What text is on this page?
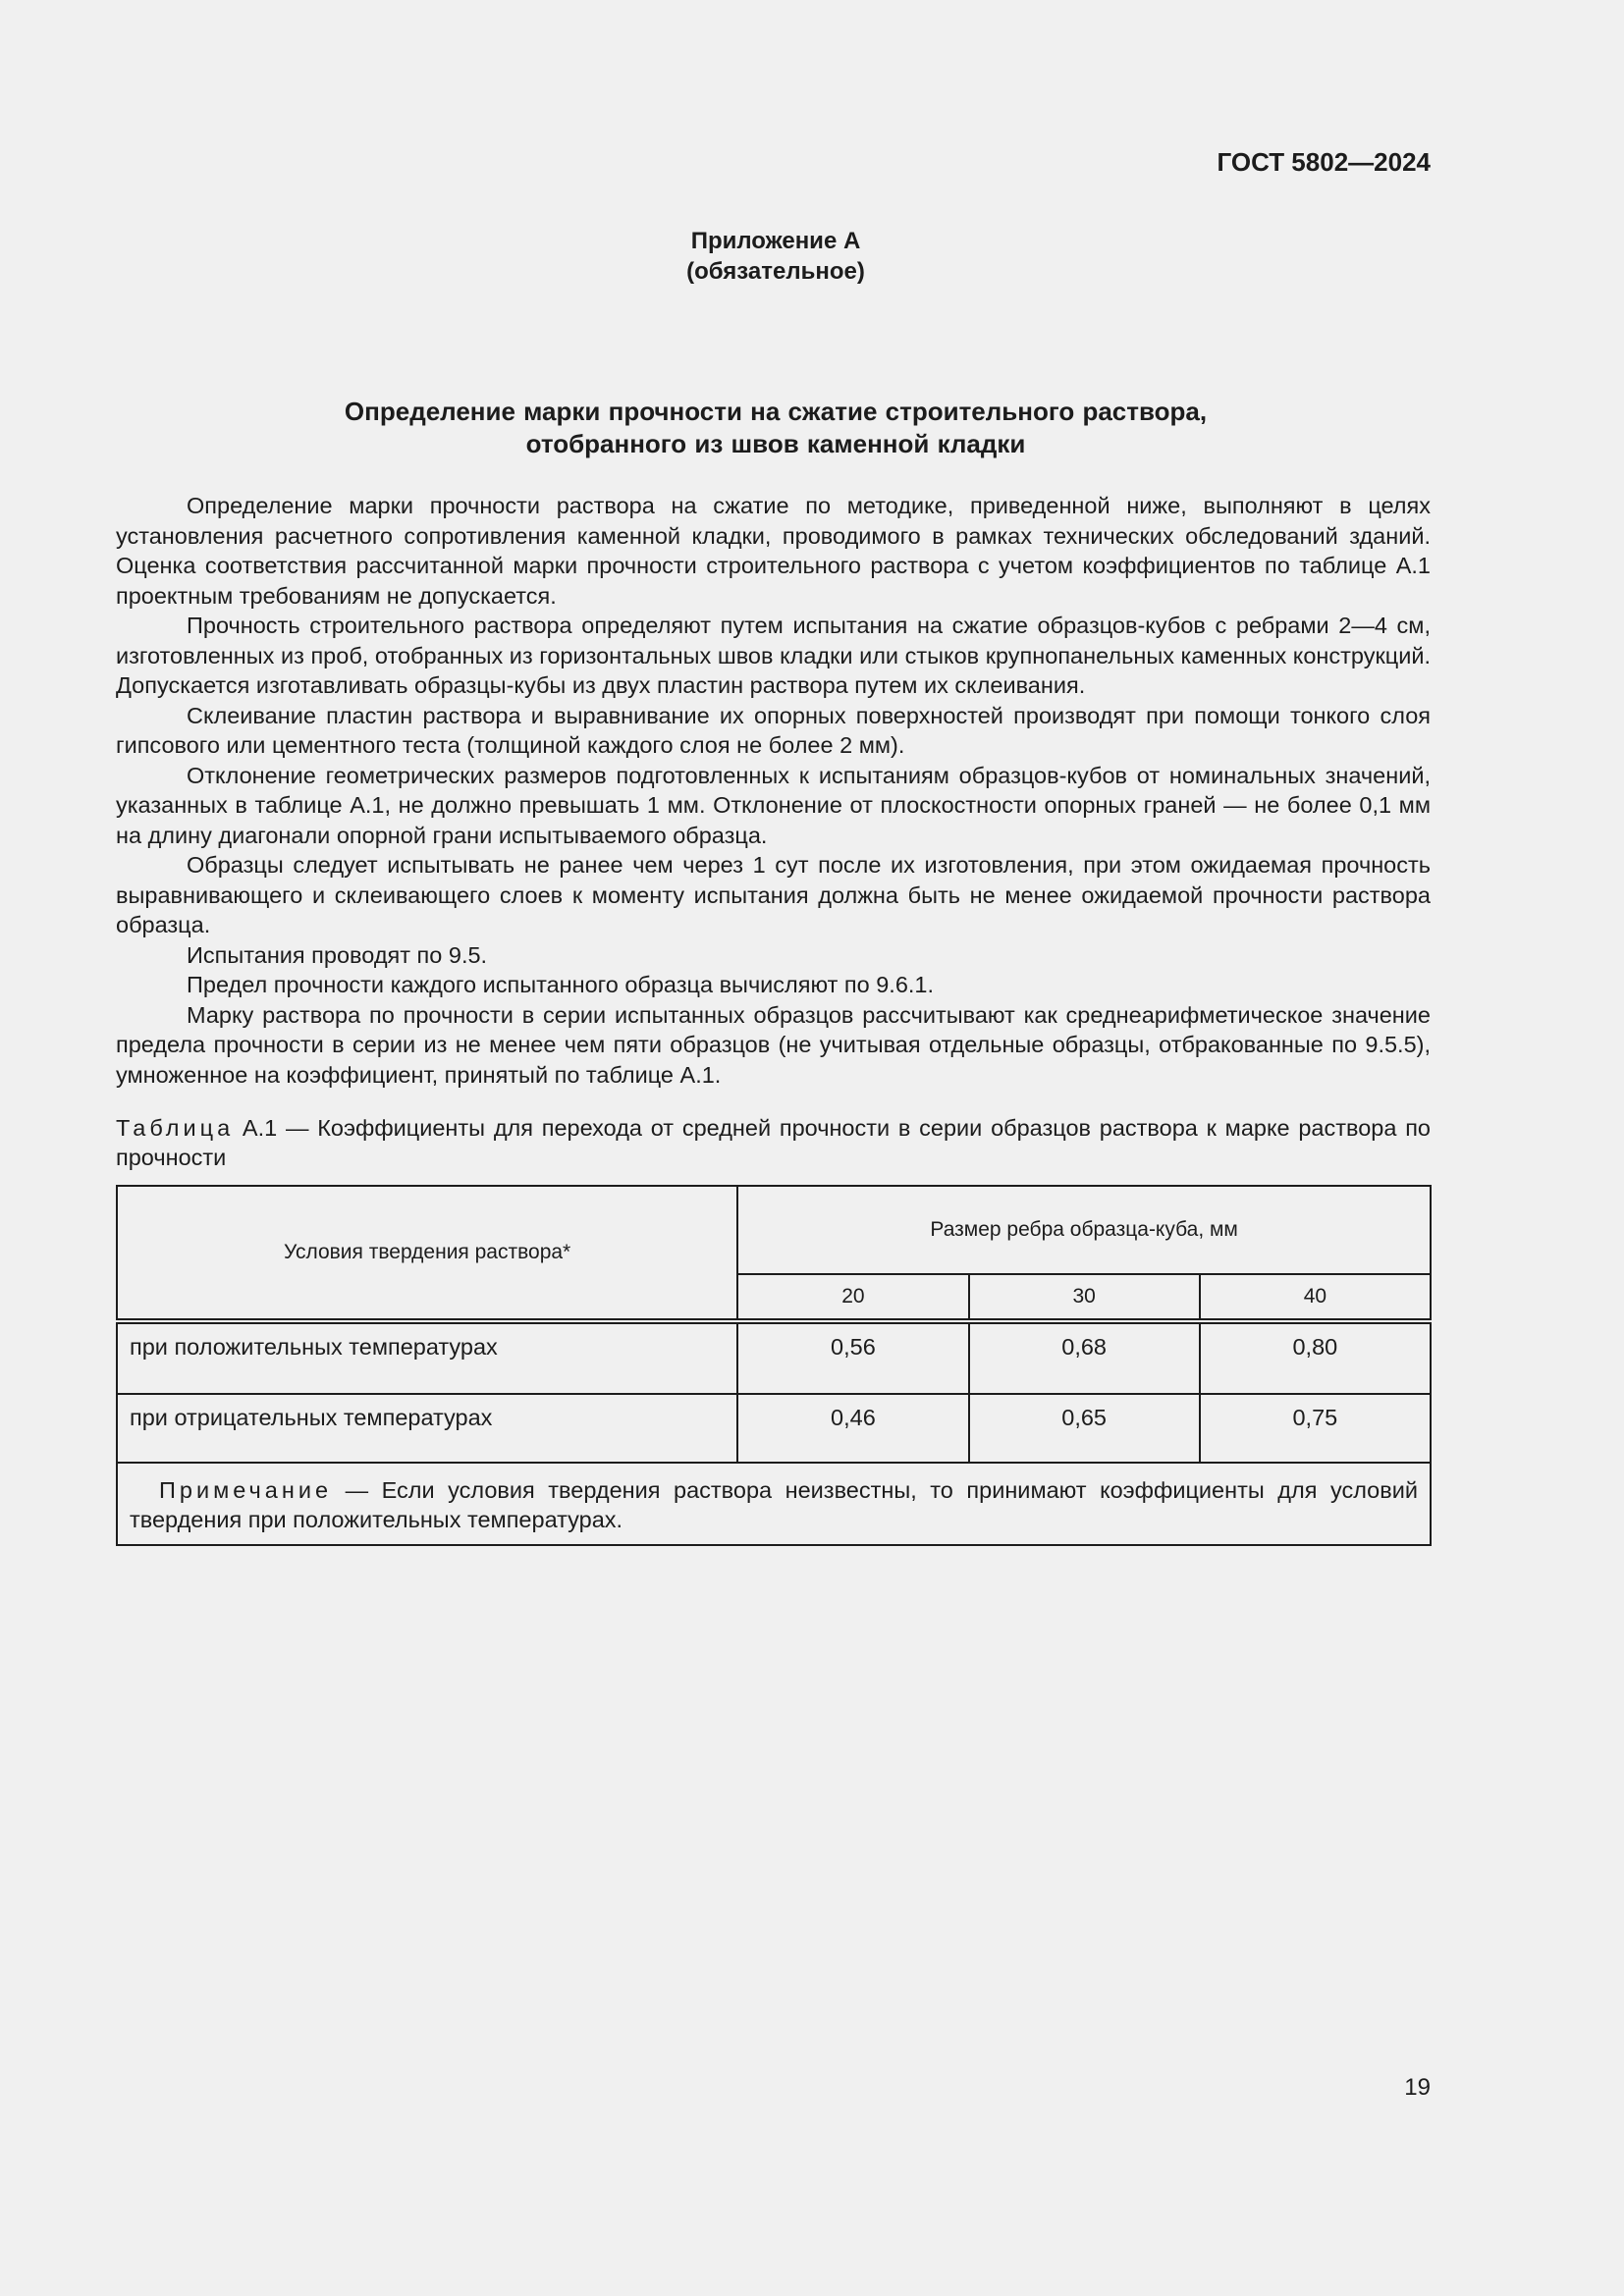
ГОСТ 5802—2024
Приложение А
(обязательное)
Определение марки прочности на сжатие строительного раствора,
отобранного из швов каменной кладки

Определение марки прочности раствора на сжатие по методике, приведенной ниже, выполняют в целях установления расчетного сопротивления каменной кладки, проводимого в рамках технических обследований зданий. Оценка соответствия рассчитанной марки прочности строительного раствора с учетом коэффициентов по таблице А.1 проектным требованиям не допускается.

Прочность строительного раствора определяют путем испытания на сжатие образцов-кубов с ребрами 2—4 см, изготовленных из проб, отобранных из горизонтальных швов кладки или стыков крупнопанельных каменных конструкций. Допускается изготавливать образцы-кубы из двух пластин раствора путем их склеивания.

Склеивание пластин раствора и выравнивание их опорных поверхностей производят при помощи тонкого слоя гипсового или цементного теста (толщиной каждого слоя не более 2 мм).

Отклонение геометрических размеров подготовленных к испытаниям образцов-кубов от номинальных значений, указанных в таблице А.1, не должно превышать 1 мм. Отклонение от плоскостности опорных граней — не более 0,1 мм на длину диагонали опорной грани испытываемого образца.

Образцы следует испытывать не ранее чем через 1 сут после их изготовления, при этом ожидаемая прочность выравнивающего и склеивающего слоев к моменту испытания должна быть не менее ожидаемой прочности раствора образца.

Испытания проводят по 9.5.

Предел прочности каждого испытанного образца вычисляют по 9.6.1.

Марку раствора по прочности в серии испытанных образцов рассчитывают как среднеарифметическое значение предела прочности в серии из не менее чем пяти образцов (не учитывая отдельные образцы, отбракованные по 9.5.5), умноженное на коэффициент, принятый по таблице А.1.

Таблица А.1 — Коэффициенты для перехода от средней прочности в серии образцов раствора к марке раствора по прочности
Условия твердения раствора*	Размер ребра образца-куба, мм		
	20	30	40
при положительных температурах	0,56	0,68	0,80
при отрицательных температурах	0,46	0,65	0,75
Примечание — Если условия твердения раствора неизвестны, то принимают коэффициенты для условий твердения при положительных температурах.			
19
